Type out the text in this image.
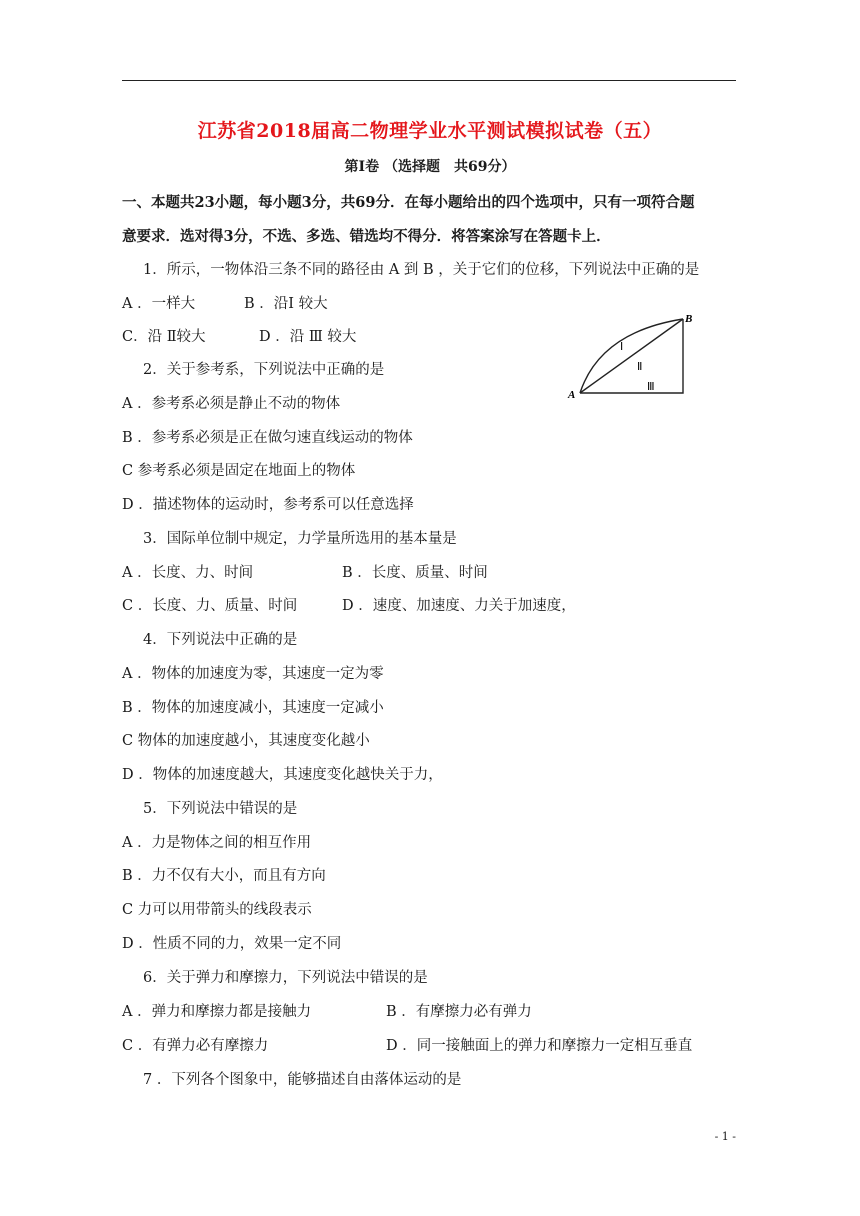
江苏省2018届高二物理学业水平测试模拟试卷（五）
第Ⅰ卷 （选择题　共69分）
一、本题共23小题，每小题3分，共69分．在每小题给出的四个选项中，只有一项符合题
意要求．选对得3分，不选、多选、错选均不得分．将答案涂写在答题卡上．
1．所示，一物体沿三条不同的路径由 A 到 B ，关于它们的位移，下列说法中正确的是
A ．一样大	B ．沿Ⅰ 较大
C．沿 Ⅱ较大	D ．沿 Ⅲ 较大
A
B
Ⅰ
Ⅱ
Ⅲ
2．关于参考系，下列说法中正确的是
A ．参考系必须是静止不动的物体
B ．参考系必须是正在做匀速直线运动的物体
C 参考系必须是固定在地面上的物体
D ．描述物体的运动时，参考系可以任意选择
3．国际单位制中规定，力学量所选用的基本量是
A ．长度、力、时间	B ．长度、质量、时间
C ．长度、力、质量、时间	D ．速度、加速度、力关于加速度，
4．下列说法中正确的是
A ．物体的加速度为零，其速度一定为零
B ．物体的加速度减小，其速度一定减小
C 物体的加速度越小，其速度变化越小
D ．物体的加速度越大，其速度变化越快关于力，
5．下列说法中错误的是
A ．力是物体之间的相互作用
B ．力不仅有大小，而且有方向
C 力可以用带箭头的线段表示
D ．性质不同的力，效果一定不同
6．关于弹力和摩擦力，下列说法中错误的是
A ．弹力和摩擦力都是接触力	B ．有摩擦力必有弹力
C ．有弹力必有摩擦力	D ．同一接触面上的弹力和摩擦力一定相互垂直
7 ．下列各个图象中，能够描述自由落体运动的是
- 1 -
